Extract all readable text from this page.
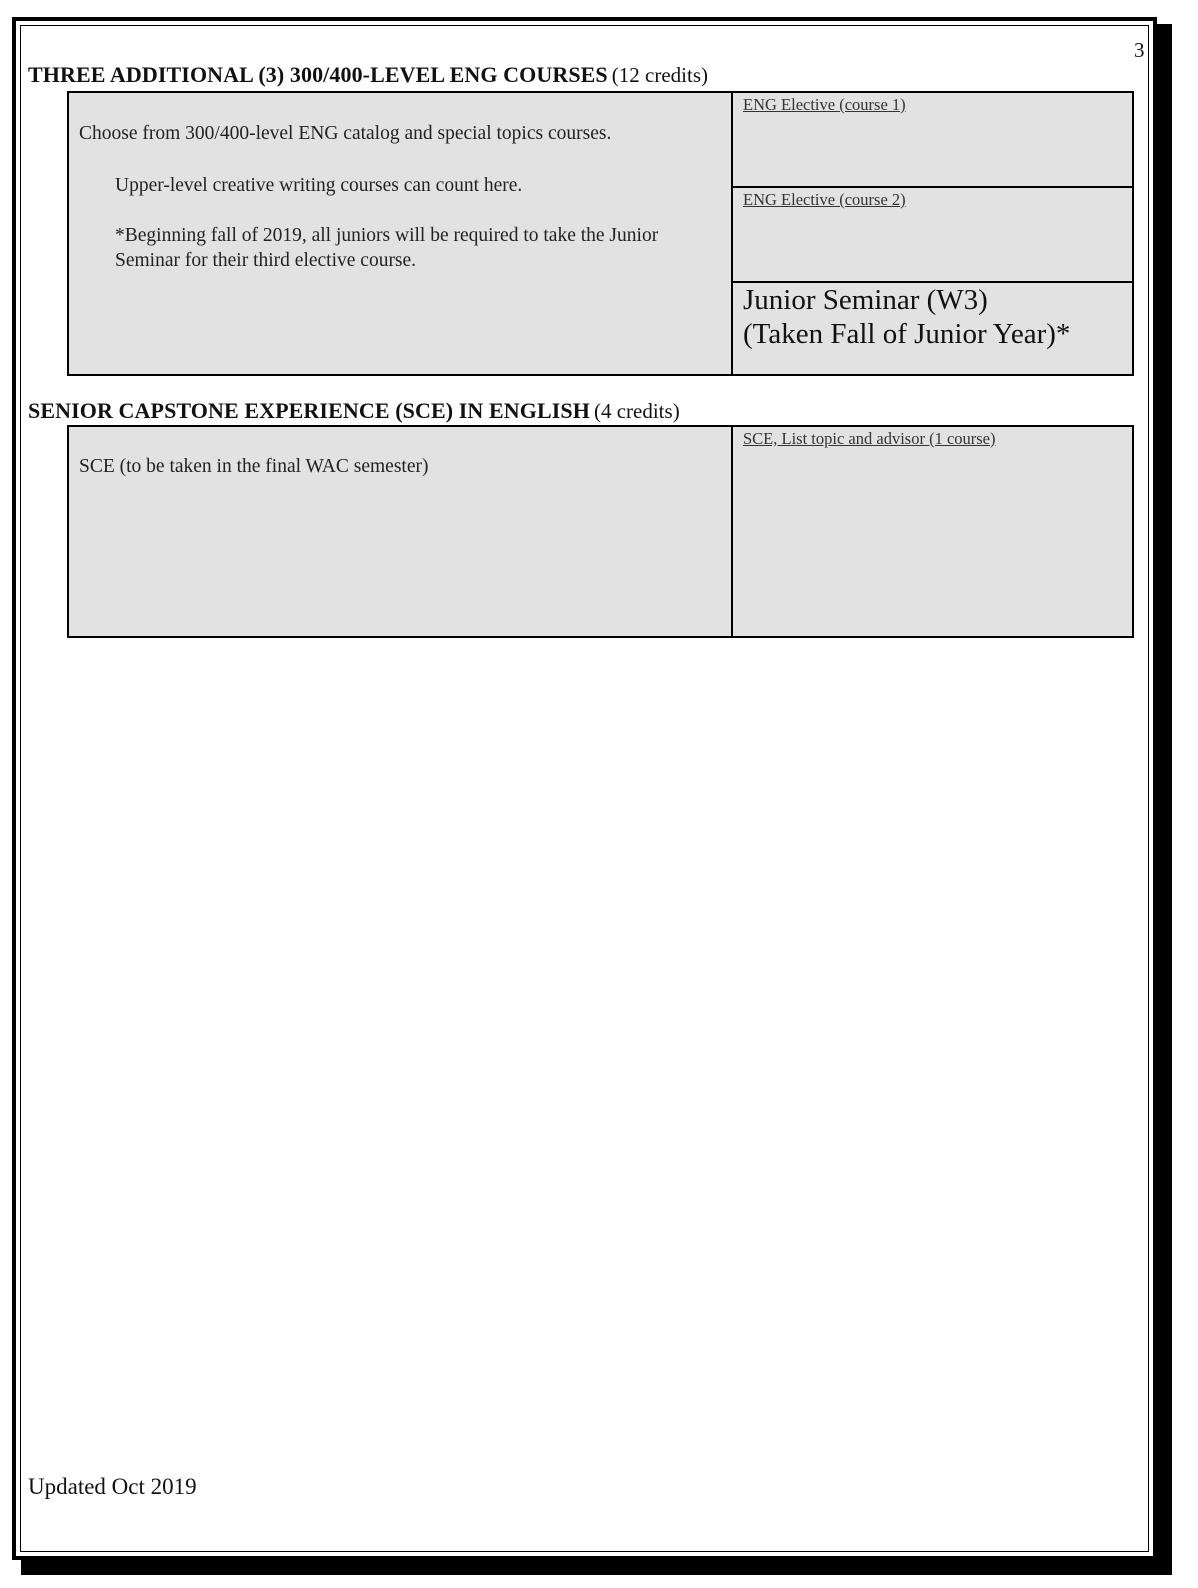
3
THREE ADDITIONAL (3) 300/400-LEVEL ENG COURSES (12 credits)
Choose from 300/400-level ENG catalog and special topics courses.
Upper-level creative writing courses can count here.
*Beginning fall of 2019, all juniors will be required to take the Junior
Seminar for their third elective course.
ENG Elective (course 1)
ENG Elective (course 2)
Junior Seminar (W3)
(Taken Fall of Junior Year)*
SENIOR CAPSTONE EXPERIENCE (SCE) IN ENGLISH (4 credits)
SCE (to be taken in the final WAC semester)
SCE, List topic and advisor (1 course)
Updated Oct 2019
